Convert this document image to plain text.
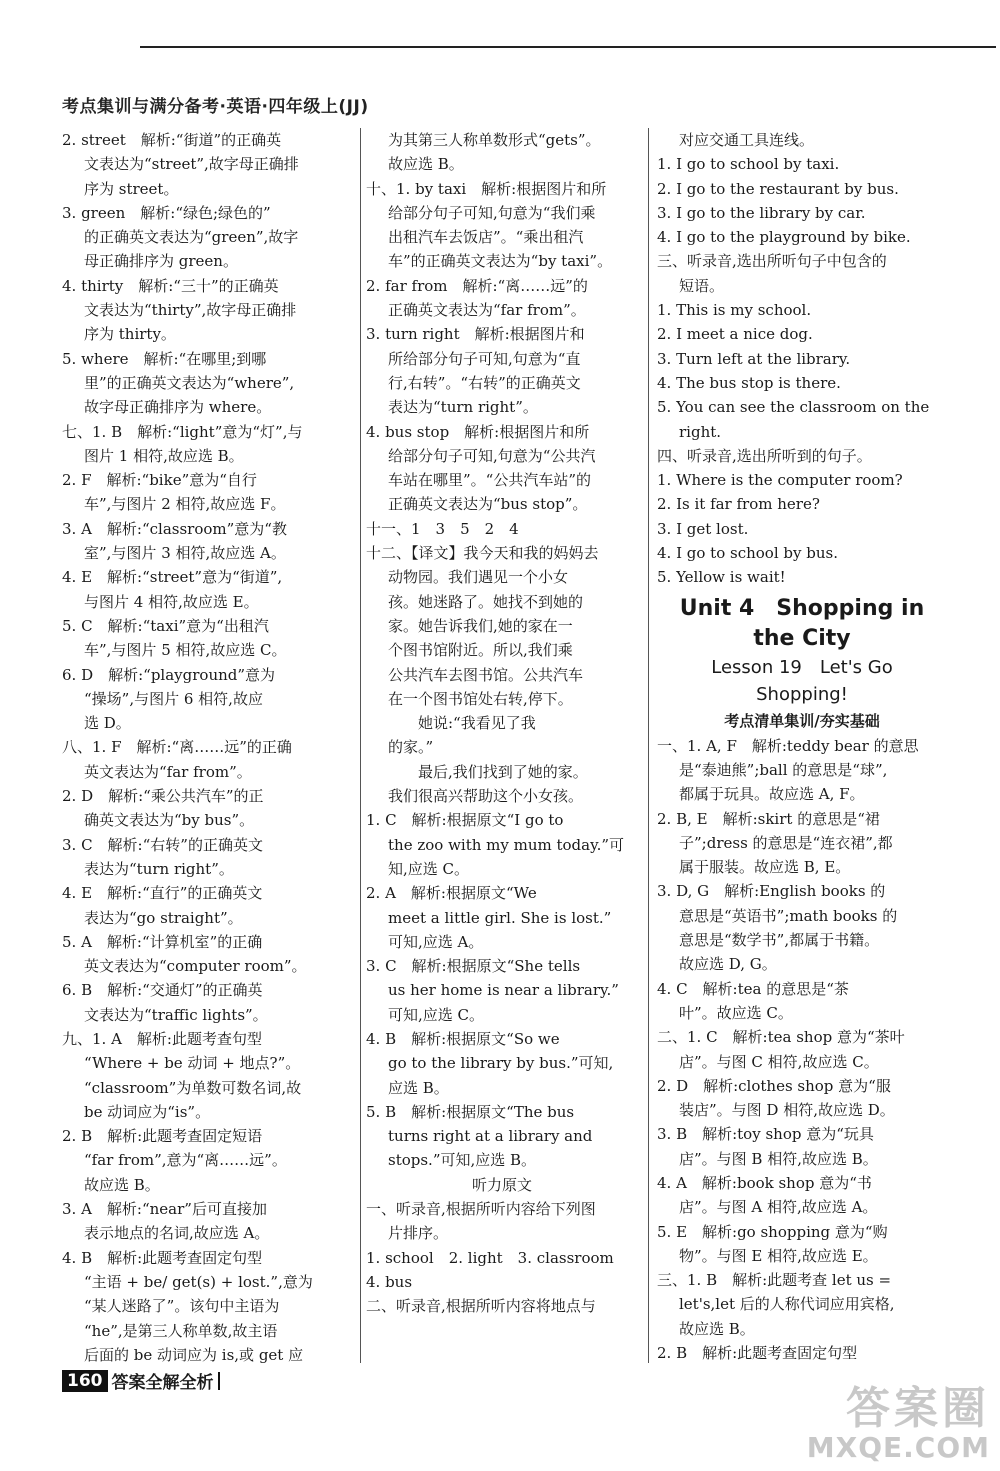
考点集训与满分备考·英语·四年级上(JJ)
2. street　解析:“街道”的正确英
文表达为“street”,故字母正确排
序为 street。
3. green　解析:“绿色;绿色的”
的正确英文表达为“green”,故字
母正确排序为 green。
4. thirty　解析:“三十”的正确英
文表达为“thirty”,故字母正确排
序为 thirty。
5. where　解析:“在哪里;到哪
里”的正确英文表达为“where”,
故字母正确排序为 where。
七、1. B　解析:“light”意为“灯”,与
图片 1 相符,故应选 B。
2. F　解析:“bike”意为“自行
车”,与图片 2 相符,故应选 F。
3. A　解析:“classroom”意为“教
室”,与图片 3 相符,故应选 A。
4. E　解析:“street”意为“街道”,
与图片 4 相符,故应选 E。
5. C　解析:“taxi”意为“出租汽
车”,与图片 5 相符,故应选 C。
6. D　解析:“playground”意为
“操场”,与图片 6 相符,故应
选 D。
八、1. F　解析:“离……远”的正确
英文表达为“far from”。
2. D　解析:“乘公共汽车”的正
确英文表达为“by bus”。
3. C　解析:“右转”的正确英文
表达为“turn right”。
4. E　解析:“直行”的正确英文
表达为“go straight”。
5. A　解析:“计算机室”的正确
英文表达为“computer room”。
6. B　解析:“交通灯”的正确英
文表达为“traffic lights”。
九、1. A　解析:此题考查句型
“Where + be 动词 + 地点?”。
“classroom”为单数可数名词,故
be 动词应为“is”。
2. B　解析:此题考查固定短语
“far from”,意为“离……远”。
故应选 B。
3. A　解析:“near”后可直接加
表示地点的名词,故应选 A。
4. B　解析:此题考查固定句型
“主语 + be/ get(s) + lost.”,意为
“某人迷路了”。该句中主语为
“he”,是第三人称单数,故主语
后面的 be 动词应为 is,或 get 应
为其第三人称单数形式“gets”。
故应选 B。
十、1. by taxi　解析:根据图片和所
给部分句子可知,句意为“我们乘
出租汽车去饭店”。“乘出租汽
车”的正确英文表达为“by taxi”。
2. far from　解析:“离……远”的
正确英文表达为“far from”。
3. turn right　解析:根据图片和
所给部分句子可知,句意为“直
行,右转”。“右转”的正确英文
表达为“turn right”。
4. bus stop　解析:根据图片和所
给部分句子可知,句意为“公共汽
车站在哪里”。“公共汽车站”的
正确英文表达为“bus stop”。
十一、1　3　5　2　4
十二、【译文】我今天和我的妈妈去
动物园。我们遇见一个小女
孩。她迷路了。她找不到她的
家。她告诉我们,她的家在一
个图书馆附近。所以,我们乘
公共汽车去图书馆。公共汽车
在一个图书馆处右转,停下。
　　她说:“我看见了我
的家。”
　　最后,我们找到了她的家。
我们很高兴帮助这个小女孩。
1. C　解析:根据原文“I go to
the zoo with my mum today.”可
知,应选 C。
2. A　解析:根据原文“We
meet a little girl. She is lost.”
可知,应选 A。
3. C　解析:根据原文“She tells
us her home is near a library.”
可知,应选 C。
4. B　解析:根据原文“So we
go to the library by bus.”可知,
应选 B。
5. B　解析:根据原文“The bus
turns right at a library and
stops.”可知,应选 B。
听力原文
一、听录音,根据所听内容给下列图
片排序。
1. school　2. light　3. classroom
4. bus
二、听录音,根据所听内容将地点与
对应交通工具连线。
1. I go to school by taxi.
2. I go to the restaurant by bus.
3. I go to the library by car.
4. I go to the playground by bike.
三、听录音,选出所听句子中包含的
短语。
1. This is my school.
2. I meet a nice dog.
3. Turn left at the library.
4. The bus stop is there.
5. You can see the classroom on the
right.
四、听录音,选出所听到的句子。
1. Where is the computer room?
2. Is it far from here?
3. I get lost.
4. I go to school by bus.
5. Yellow is wait!
Unit 4　Shopping in
the City
Lesson 19　Let's Go
Shopping!
考点清单集训/夯实基础
一、1. A, F　解析:teddy bear 的意思
是“泰迪熊”;ball 的意思是“球”,
都属于玩具。故应选 A, F。
2. B, E　解析:skirt 的意思是“裙
子”;dress 的意思是“连衣裙”,都
属于服装。故应选 B, E。
3. D, G　解析:English books 的
意思是“英语书”;math books 的
意思是“数学书”,都属于书籍。
故应选 D, G。
4. C　解析:tea 的意思是“茶
叶”。故应选 C。
二、1. C　解析:tea shop 意为“茶叶
店”。与图 C 相符,故应选 C。
2. D　解析:clothes shop 意为“服
装店”。与图 D 相符,故应选 D。
3. B　解析:toy shop 意为“玩具
店”。与图 B 相符,故应选 B。
4. A　解析:book shop 意为“书
店”。与图 A 相符,故应选 A。
5. E　解析:go shopping 意为“购
物”。与图 E 相符,故应选 E。
三、1. B　解析:此题考查 let us =
let's,let 后的人称代词应用宾格,
故应选 B。
2. B　解析:此题考查固定句型
160 答案全解全析	答案圈
MXQE.COM
